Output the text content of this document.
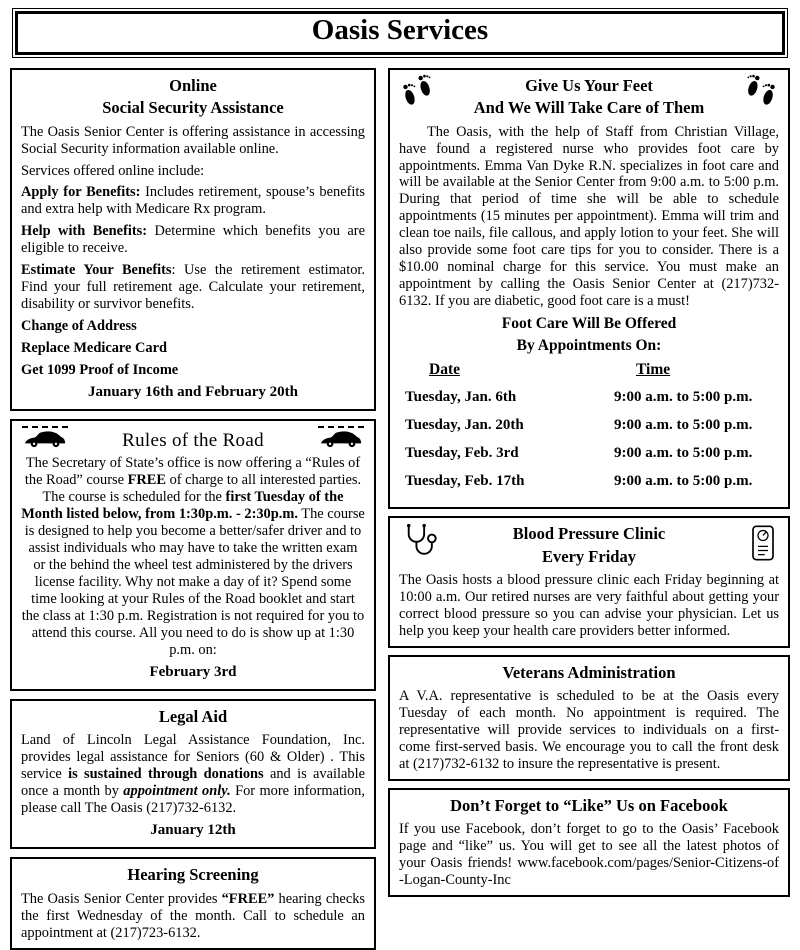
Oasis Services
Online
Social Security Assistance

The Oasis Senior Center is offering assistance in accessing Social Security information available online.

Services offered online include:

Apply for Benefits: Includes retirement, spouse’s benefits and extra help with Medicare Rx program.

Help with Benefits: Determine which benefits you are eligible to receive.

Estimate Your Benefits: Use the retirement estimator. Find your full retirement age. Calculate your retirement, disability or survivor benefits.

Change of Address

Replace Medicare Card

Get 1099 Proof of Income

January 16th and February 20th

Rules of the Road

The Secretary of State’s office is now offering a “Rules of the Road” course FREE of charge to all interested parties. The course is scheduled for the first Tuesday of the Month listed below, from 1:30p.m. - 2:30p.m. The course is designed to help you become a better/safer driver and to assist individuals who may have to take the written exam or the behind the wheel test administered by the drivers license facility. Why not make a day of it? Spend some time looking at your Rules of the Road booklet and start the class at 1:30 p.m. Registration is not required for you to attend this course. All you need to do is show up at 1:30 p.m. on:

February 3rd

Legal Aid

Land of Lincoln Legal Assistance Foundation, Inc. provides legal assistance for Seniors (60 & Older) . This service is sustained through donations and is available once a month by appointment only. For more information, please call The Oasis (217)732-6132.

January 12th

Hearing Screening

The Oasis Senior Center provides “FREE” hearing checks the first Wednesday of the month. Call to schedule an appointment at (217)723-6132.

Give Us Your Feet
And We Will Take Care of Them

The Oasis, with the help of Staff from Christian Village, have found a registered nurse who provides foot care by appointments. Emma Van Dyke R.N. specializes in foot care and will be available at the Senior Center from 9:00 a.m. to 5:00 p.m. During that period of time she will be able to schedule appointments (15 minutes per appointment). Emma will trim and clean toe nails, file callous, and apply lotion to your feet. She will also provide some foot care tips for you to consider. There is a $10.00 nominal charge for this service. You must make an appointment by calling the Oasis Senior Center at (217)732-6132. If you are diabetic, good foot care is a must!

Foot Care Will Be Offered
By Appointments On:
Date	Time
Tuesday, Jan. 6th	9:00 a.m. to 5:00 p.m.
Tuesday, Jan. 20th	9:00 a.m. to 5:00 p.m.
Tuesday, Feb. 3rd	9:00 a.m. to 5:00 p.m.
Tuesday, Feb. 17th	9:00 a.m. to 5:00 p.m.
Blood Pressure Clinic
Every Friday

The Oasis hosts a blood pressure clinic each Friday beginning at 10:00 a.m. Our retired nurses are very faithful about getting your correct blood pressure so you can advise your physician. Let us help you keep your health care providers better informed.

Veterans Administration

A V.A. representative is scheduled to be at the Oasis every Tuesday of each month. No appointment is required. The representative will provide services to individuals on a first- come first-served basis. We encourage you to call the front desk at (217)732-6132 to insure the representative is present.

Don’t Forget to “Like” Us on Facebook

If you use Facebook, don’t forget to go to the Oasis’ Facebook page and “like” us. You will get to see all the latest photos of your Oasis friends! www.facebook.com/pages/Senior-Citizens-of -Logan-County-Inc
